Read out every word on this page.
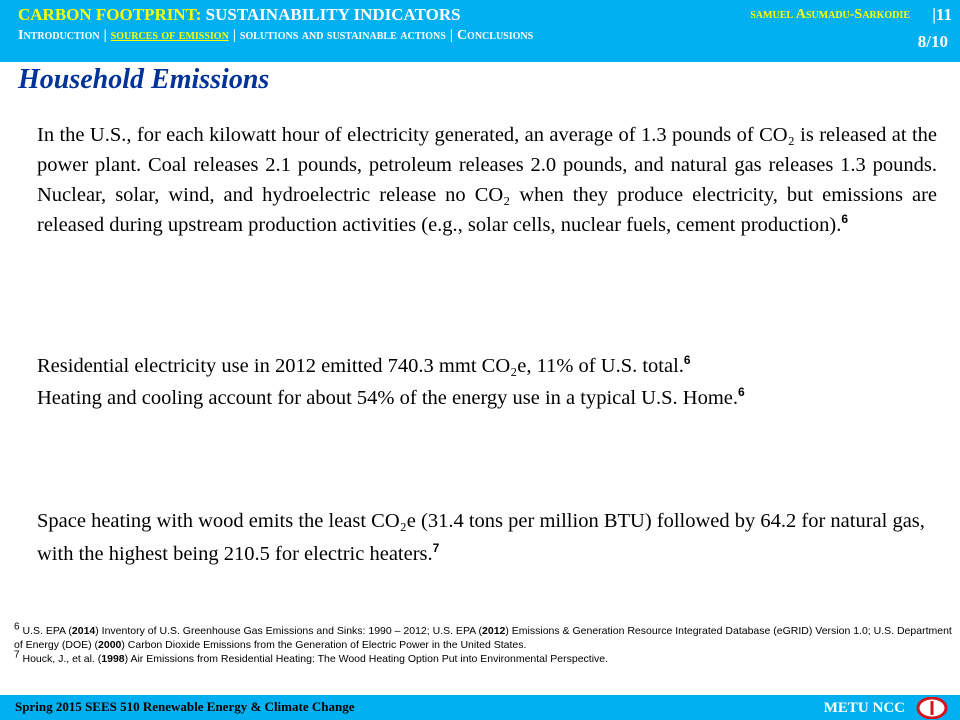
CARBON FOOTPRINT: SUSTAINABILITY INDICATORS	samuel Asumadu-Sarkodie |11
Introduction | sources of emission | solutions and sustainable actions | Conclusions	8/10
Household Emissions
In the U.S., for each kilowatt hour of electricity generated, an average of 1.3 pounds of CO₂ is released at the power plant. Coal releases 2.1 pounds, petroleum releases 2.0 pounds, and natural gas releases 1.3 pounds. Nuclear, solar, wind, and hydroelectric release no CO₂ when they produce electricity, but emissions are released during upstream production activities (e.g., solar cells, nuclear fuels, cement production).$^6$
Residential electricity use in 2012 emitted 740.3 mmt CO₂e, 11% of U.S. total.$^6$
Heating and cooling account for about 54% of the energy use in a typical U.S. Home.$^6$
Space heating with wood emits the least CO₂e (31.4 tons per million BTU) followed by 64.2 for natural gas, with the highest being 210.5 for electric heaters.$^7$
$^6$ U.S. EPA (2014) Inventory of U.S. Greenhouse Gas Emissions and Sinks: 1990 – 2012; U.S. EPA (2012) Emissions & Generation Resource Integrated Database (eGRID) Version 1.0; U.S. Department of Energy (DOE) (2000) Carbon Dioxide Emissions from the Generation of Electric Power in the United States.
$^7$ Houck, J., et al. (1998) Air Emissions from Residential Heating: The Wood Heating Option Put into Environmental Perspective.
Spring 2015 SEES 510 Renewable Energy & Climate Change	METU NCC
